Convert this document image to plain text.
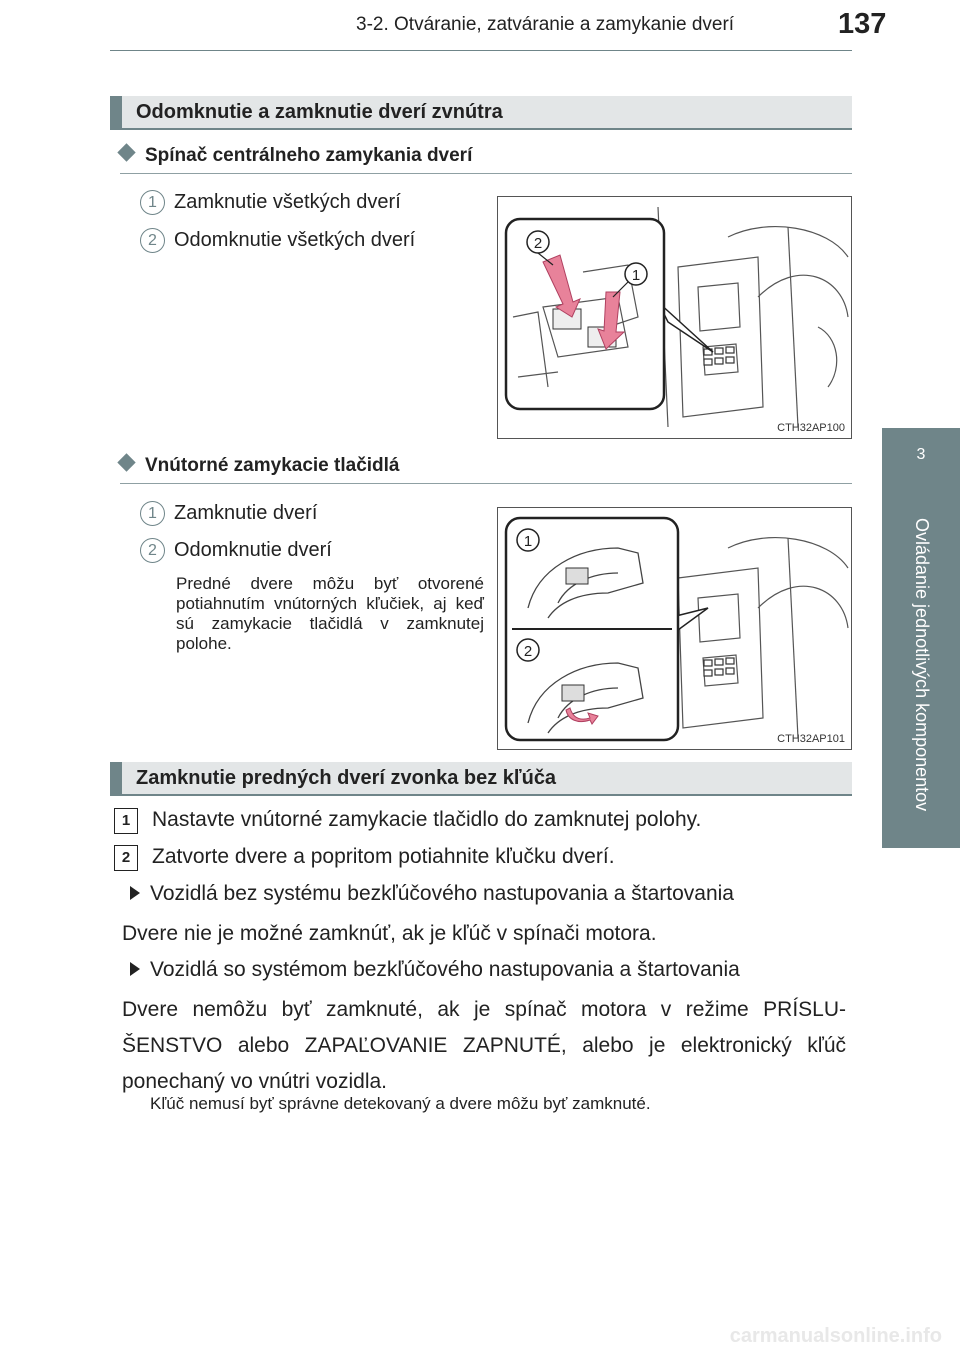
3-2. Otváranie, zatváranie a zamykanie dverí	137
3
Ovládanie jednotlivých komponentov
Odomknutie a zamknutie dverí zvnútra
Spínač centrálneho zamykania dverí
1 Zamknutie všetkých dverí
2 Odomknutie všetkých dverí	2
1
CTH32AP100
Vnútorné zamykacie tlačidlá
1 Zamknutie dverí
2 Odomknutie dverí
Predné dvere môžu byť otvorené potiahnutím vnútorných kľučiek, aj keď sú zamykacie tlačidlá v zamknutej polohe.
1
2
CTH32AP101
Zamknutie predných dverí zvonka bez kľúča
1 Nastavte vnútorné zamykacie tlačidlo do zamknutej polohy.
2 Zatvorte dvere a popritom potiahnite kľučku dverí.
Vozidlá bez systému bezkľúčového nastupovania a štartovania
Dvere nie je možné zamknúť, ak je kľúč v spínači motora.
Vozidlá so systémom bezkľúčového nastupovania a štartovania
Dvere nemôžu byť zamknuté, ak je spínač motora v režime PRÍSLU-ŠENSTVO alebo ZAPAĽOVANIE ZAPNUTÉ, alebo je elektronický kľúč ponechaný vo vnútri vozidla.
Kľúč nemusí byť správne detekovaný a dvere môžu byť zamknuté.
carmanualsonline.info
